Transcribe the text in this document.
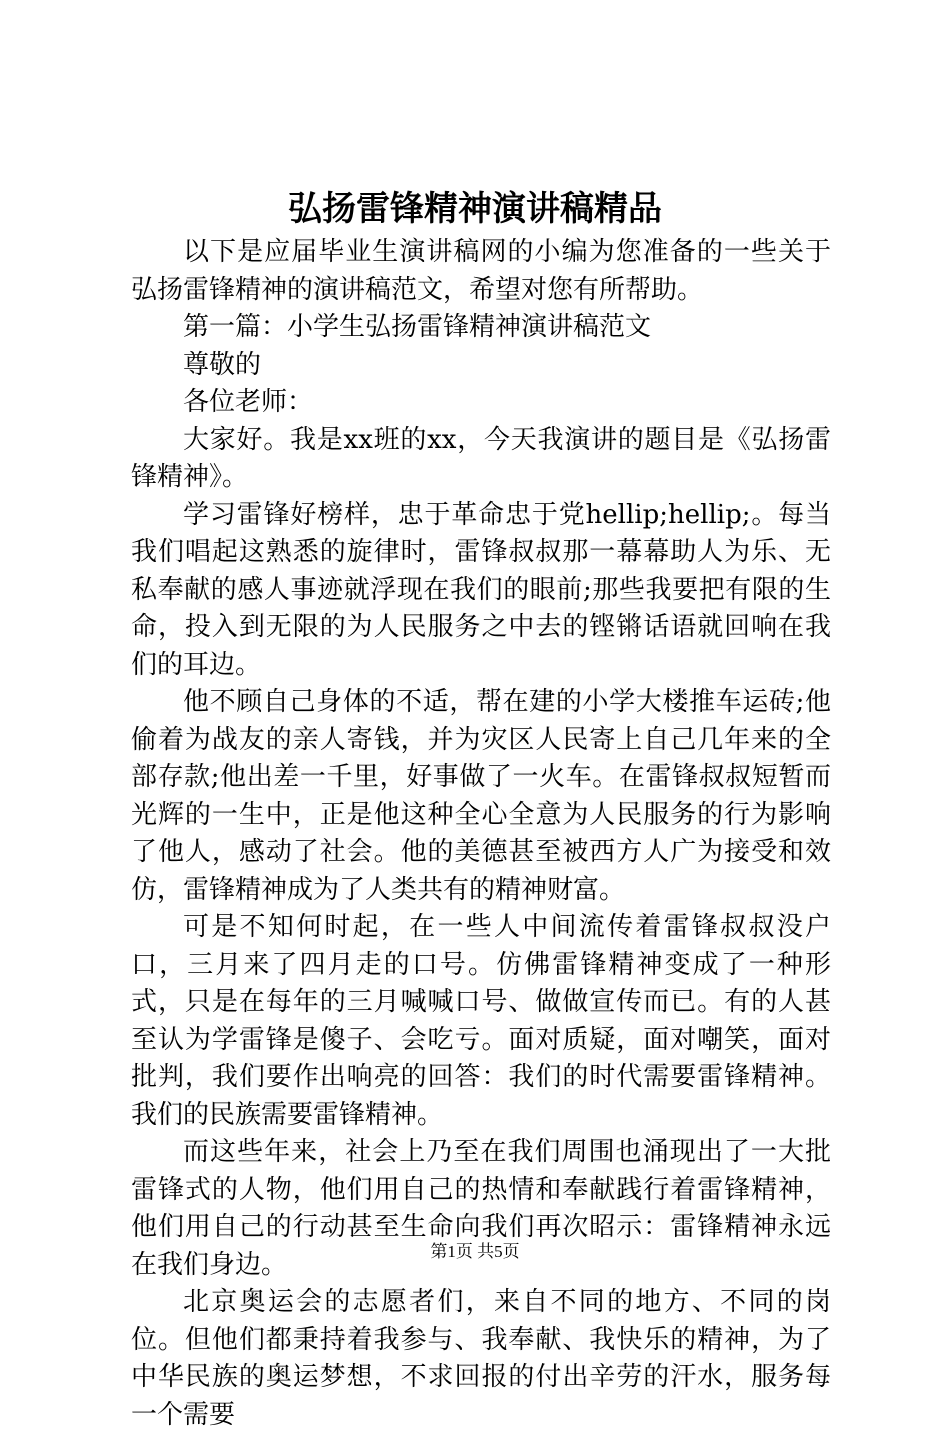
弘扬雷锋精神演讲稿精品

以下是应届毕业生演讲稿网的小编为您准备的一些关于弘扬雷锋精神的演讲稿范文，希望对您有所帮助。

第一篇：小学生弘扬雷锋精神演讲稿范文

尊敬的

各位老师：

大家好。我是xx班的xx，今天我演讲的题目是《弘扬雷锋精神》。

学习雷锋好榜样，忠于革命忠于党hellip;hellip;。每当我们唱起这熟悉的旋律时，雷锋叔叔那一幕幕助人为乐、无私奉献的感人事迹就浮现在我们的眼前;那些我要把有限的生命，投入到无限的为人民服务之中去的铿锵话语就回响在我们的耳边。

他不顾自己身体的不适，帮在建的小学大楼推车运砖;他偷着为战友的亲人寄钱，并为灾区人民寄上自己几年来的全部存款;他出差一千里，好事做了一火车。在雷锋叔叔短暂而光辉的一生中，正是他这种全心全意为人民服务的行为影响了他人，感动了社会。他的美德甚至被西方人广为接受和效仿，雷锋精神成为了人类共有的精神财富。

可是不知何时起，在一些人中间流传着雷锋叔叔没户口，三月来了四月走的口号。仿佛雷锋精神变成了一种形式，只是在每年的三月喊喊口号、做做宣传而已。有的人甚至认为学雷锋是傻子、会吃亏。面对质疑，面对嘲笑，面对批判，我们要作出响亮的回答：我们的时代需要雷锋精神。我们的民族需要雷锋精神。

而这些年来，社会上乃至在我们周围也涌现出了一大批雷锋式的人物，他们用自己的热情和奉献践行着雷锋精神，他们用自己的行动甚至生命向我们再次昭示：雷锋精神永远在我们身边。

北京奥运会的志愿者们，来自不同的地方、不同的岗位。但他们都秉持着我参与、我奉献、我快乐的精神，为了中华民族的奥运梦想，不求回报的付出辛劳的汗水，服务每一个需要

第1页 共5页
